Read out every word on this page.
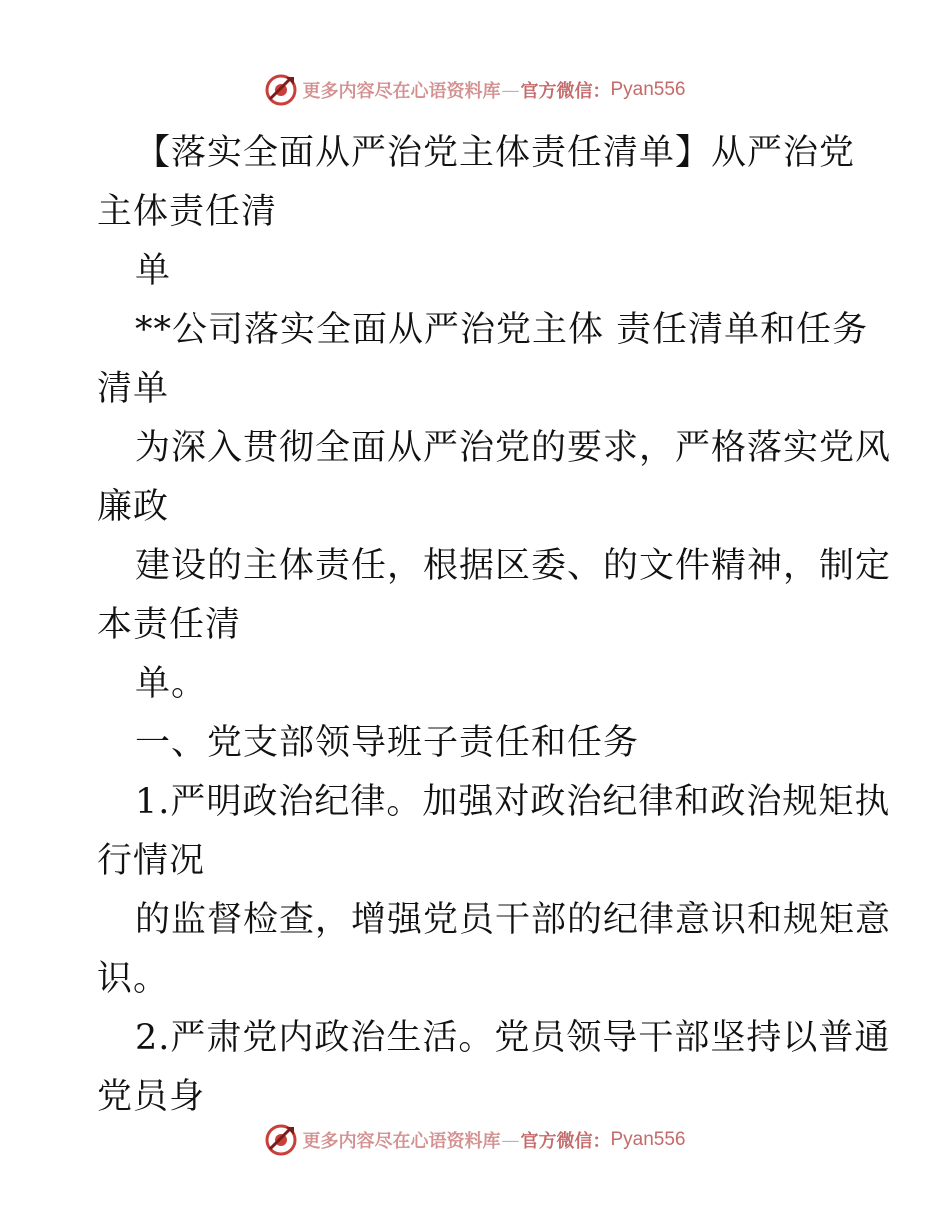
更多内容尽在心语资料库 — 官方微信： Pyan556
【落实全面从严治党主体责任清单】从严治党
主体责任清
单
**公司落实全面从严治党主体 责任清单和任务
清单
为深入贯彻全面从严治党的要求，严格落实党风
廉政
建设的主体责任，根据区委、的文件精神，制定
本责任清
单。
一、党支部领导班子责任和任务
1.严明政治纪律。加强对政治纪律和政治规矩执
行情况
的监督检查，增强党员干部的纪律意识和规矩意
识。
2.严肃党内政治生活。党员领导干部坚持以普通
党员身
更多内容尽在心语资料库 — 官方微信： Pyan556
